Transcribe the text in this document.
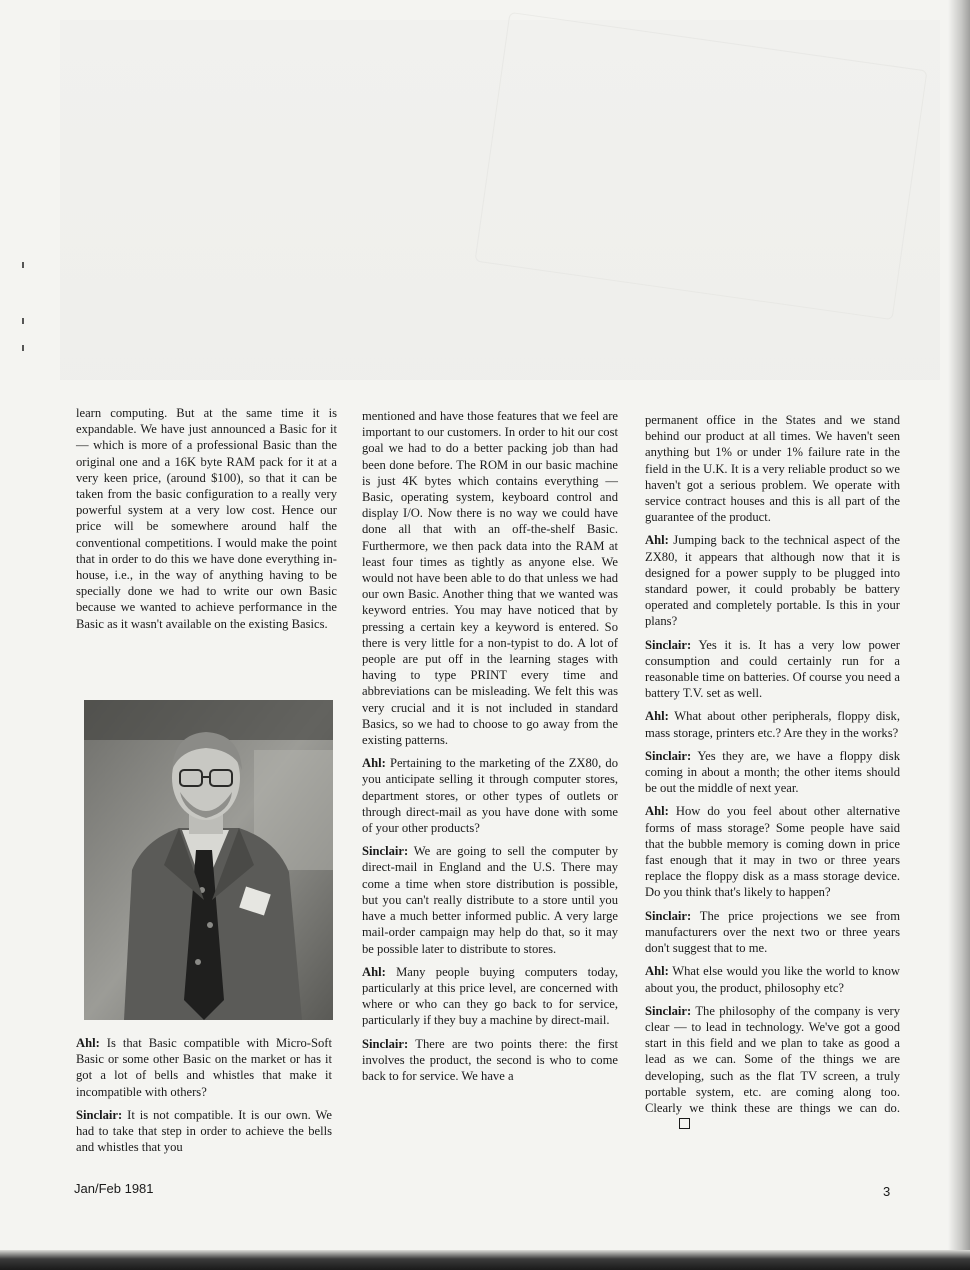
learn computing. But at the same time it is expandable. We have just announced a Basic for it — which is more of a professional Basic than the original one and a 16K byte RAM pack for it at a very keen price, (around $100), so that it can be taken from the basic configuration to a really very powerful system at a very low cost. Hence our price will be somewhere around half the conventional competitions. I would make the point that in order to do this we have done everything in-house, i.e., in the way of anything having to be specially done we had to write our own Basic because we wanted to achieve performance in the Basic as it wasn't available on the existing Basics.

Ahl: Is that Basic compatible with Micro-Soft Basic or some other Basic on the market or has it got a lot of bells and whistles that make it incompatible with others?

Sinclair: It is not compatible. It is our own. We had to take that step in order to achieve the bells and whistles that you

mentioned and have those features that we feel are important to our customers. In order to hit our cost goal we had to do a better packing job than had been done before. The ROM in our basic machine is just 4K bytes which contains everything — Basic, operating system, keyboard control and display I/O. Now there is no way we could have done all that with an off-the-shelf Basic. Furthermore, we then pack data into the RAM at least four times as tightly as anyone else. We would not have been able to do that unless we had our own Basic. Another thing that we wanted was keyword entries. You may have noticed that by pressing a certain key a keyword is entered. So there is very little for a non-typist to do. A lot of people are put off in the learning stages with having to type PRINT every time and abbreviations can be misleading. We felt this was very crucial and it is not included in standard Basics, so we had to choose to go away from the existing patterns.

Ahl: Pertaining to the marketing of the ZX80, do you anticipate selling it through computer stores, department stores, or other types of outlets or through direct-mail as you have done with some of your other products?

Sinclair: We are going to sell the computer by direct-mail in England and the U.S. There may come a time when store distribution is possible, but you can't really distribute to a store until you have a much better informed public. A very large mail-order campaign may help do that, so it may be possible later to distribute to stores.

Ahl: Many people buying computers today, particularly at this price level, are concerned with where or who can they go back to for service, particularly if they buy a machine by direct-mail.

Sinclair: There are two points there: the first involves the product, the second is who to come back to for service. We have a

permanent office in the States and we stand behind our product at all times. We haven't seen anything but 1% or under 1% failure rate in the field in the U.K. It is a very reliable product so we haven't got a serious problem. We operate with service contract houses and this is all part of the guarantee of the product.

Ahl: Jumping back to the technical aspect of the ZX80, it appears that although now that it is designed for a power supply to be plugged into standard power, it could probably be battery operated and completely portable. Is this in your plans?

Sinclair: Yes it is. It has a very low power consumption and could certainly run for a reasonable time on batteries. Of course you need a battery T.V. set as well.

Ahl: What about other peripherals, floppy disk, mass storage, printers etc.? Are they in the works?

Sinclair: Yes they are, we have a floppy disk coming in about a month; the other items should be out the middle of next year.

Ahl: How do you feel about other alternative forms of mass storage? Some people have said that the bubble memory is coming down in price fast enough that it may in two or three years replace the floppy disk as a mass storage device. Do you think that's likely to happen?

Sinclair: The price projections we see from manufacturers over the next two or three years don't suggest that to me.

Ahl: What else would you like the world to know about you, the product, philosophy etc?

Sinclair: The philosophy of the company is very clear — to lead in technology. We've got a good start in this field and we plan to take as good a lead as we can. Some of the things we are developing, such as the flat TV screen, a truly portable system, etc. are coming along too. Clearly we think these are things we can do.

Jan/Feb 1981	3
